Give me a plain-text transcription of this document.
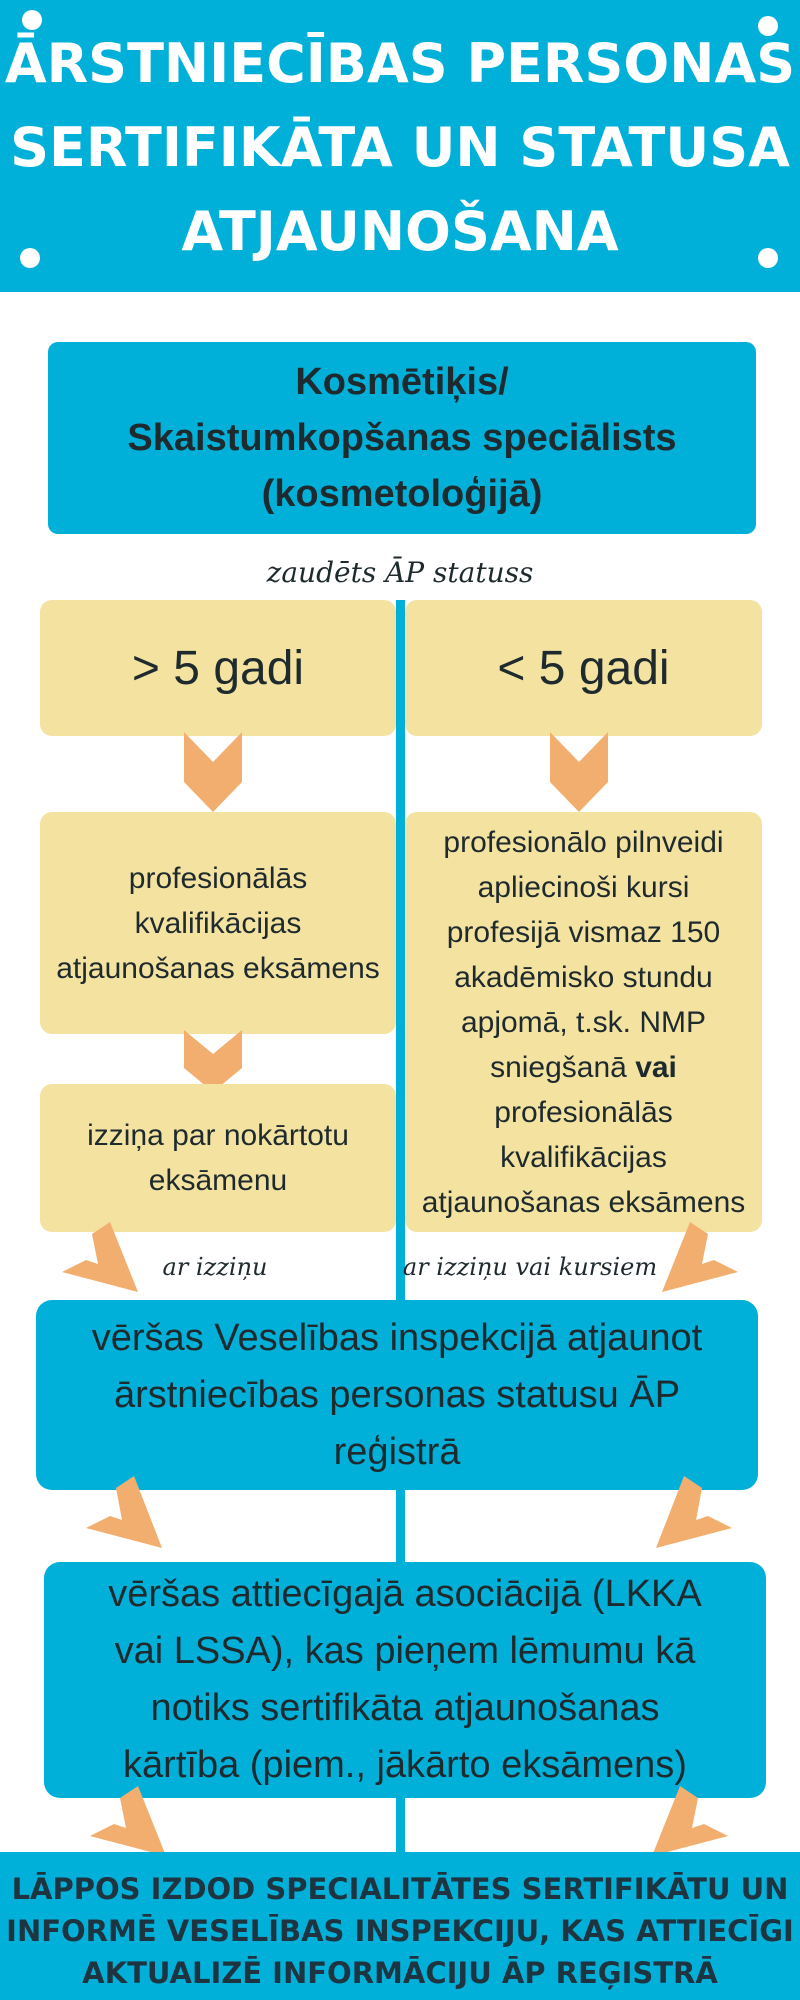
ĀRSTNIECĪBAS PERSONAS
SERTIFIKĀTA UN STATUSA
ATJAUNOŠANA
Kosmētiķis/
Skaistumkopšanas speciālists
(kosmetoloģijā)
zaudēts ĀP statuss
> 5 gadi	< 5 gadi
profesionālās
kvalifikācijas
atjaunošanas eksāmens
izziņa par nokārtotu
eksāmenu
profesionālo pilnveidi
apliecinoši kursi
profesijā vismaz 150
akadēmisko stundu
apjomā, t.sk. NMP
sniegšanā vai
profesionālās
kvalifikācijas
atjaunošanas eksāmens
ar izziņu	ar izziņu vai kursiem
vēršas Veselības inspekcijā atjaunot
ārstniecības personas statusu ĀP
reģistrā
vēršas attiecīgajā asociācijā (LKKA
vai LSSA), kas pieņem lēmumu kā
notiks sertifikāta atjaunošanas
kārtība (piem., jākārto eksāmens)
LĀPPOS IZDOD SPECIALITĀTES SERTIFIKĀTU UN
INFORMĒ VESELĪBAS INSPEKCIJU, KAS ATTIECĪGI
AKTUALIZĒ INFORMĀCIJU ĀP REĢISTRĀ
